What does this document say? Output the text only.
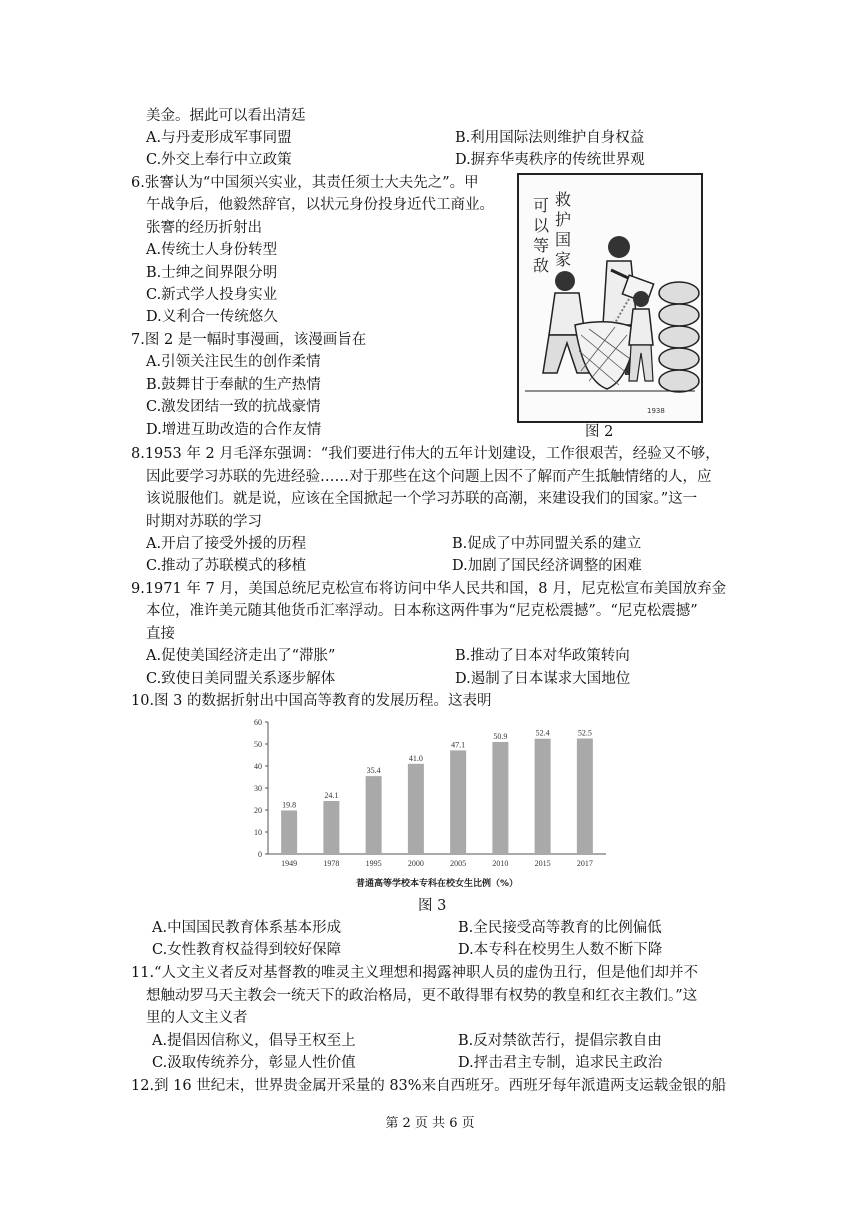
美金。据此可以看出清廷
A.与丹麦形成军事同盟	B.利用国际法则维护自身权益
C.外交上奉行中立政策	D.摒弃华夷秩序的传统世界观
6.张謇认为“中国须兴实业，其责任须士大夫先之”。甲
午战争后，他毅然辞官，以状元身份投身近代工商业。
张謇的经历折射出
A.传统士人身份转型
B.士绅之间界限分明
C.新式学人投身实业
D.义利合一传统悠久
7.图 2 是一幅时事漫画，该漫画旨在
A.引领关注民生的创作柔情
B.鼓舞甘于奉献的生产热情
C.激发团结一致的抗战豪情
D.增进互助改造的合作友情
救
护
国
家
可
以
等
敌
1938
图 2
8.1953 年 2 月毛泽东强调：“我们要进行伟大的五年计划建设，工作很艰苦，经验又不够，
因此要学习苏联的先进经验……对于那些在这个问题上因不了解而产生抵触情绪的人，应
该说服他们。就是说，应该在全国掀起一个学习苏联的高潮，来建设我们的国家。”这一
时期对苏联的学习
A.开启了接受外援的历程	B.促成了中苏同盟关系的建立
C.推动了苏联模式的移植	D.加剧了国民经济调整的困难
9.1971 年 7 月，美国总统尼克松宣布将访问中华人民共和国，8 月，尼克松宣布美国放弃金
本位，准许美元随其他货币汇率浮动。日本称这两件事为“尼克松震撼”。“尼克松震撼”
直接
A.促使美国经济走出了“滞胀”	B.推动了日本对华政策转向
C.致使日美同盟关系逐步解体	D.遏制了日本谋求大国地位
10.图 3 的数据折射出中国高等教育的发展历程。这表明
0
10
20
30
40
50
60
19.8
1949
24.1
1978
35.4
1995
41.0
2000
47.1
2005
50.9
2010
52.4
2015
52.5
2017
普通高等学校本专科在校女生比例（%）
图 3
A.中国国民教育体系基本形成	B.全民接受高等教育的比例偏低
C.女性教育权益得到较好保障	D.本专科在校男生人数不断下降
11.“人文主义者反对基督教的唯灵主义理想和揭露神职人员的虚伪丑行，但是他们却并不
想触动罗马天主教会一统天下的政治格局，更不敢得罪有权势的教皇和红衣主教们。”这
里的人文主义者
A.提倡因信称义，倡导王权至上	B.反对禁欲苦行，提倡宗教自由
C.汲取传统养分，彰显人性价值	D.抨击君主专制，追求民主政治
12.到 16 世纪末，世界贵金属开采量的 83%来自西班牙。西班牙每年派遣两支运载金银的船
第 2 页 共 6 页
